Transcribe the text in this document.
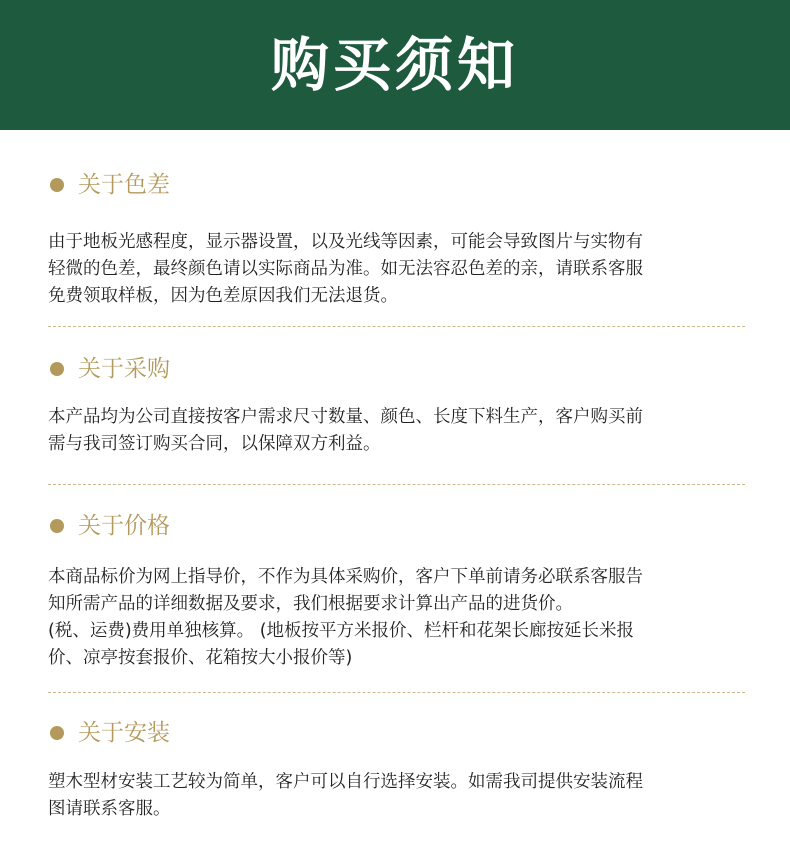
购买须知
关于色差
由于地板光感程度，显示器设置，以及光线等因素，可能会导致图片与实物有
轻微的色差，最终颜色请以实际商品为准。如无法容忍色差的亲，请联系客服
免费领取样板，因为色差原因我们无法退货。
关于采购
本产品均为公司直接按客户需求尺寸数量、颜色、长度下料生产，客户购买前
需与我司签订购买合同，以保障双方利益。
关于价格
本商品标价为网上指导价，不作为具体采购价，客户下单前请务必联系客服告
知所需产品的详细数据及要求，我们根据要求计算出产品的进货价。
(税、运费)费用单独核算。 (地板按平方米报价、栏杆和花架长廊按延长米报
价、凉亭按套报价、花箱按大小报价等)
关于安装
塑木型材安装工艺较为简单，客户可以自行选择安装。如需我司提供安装流程
图请联系客服。
